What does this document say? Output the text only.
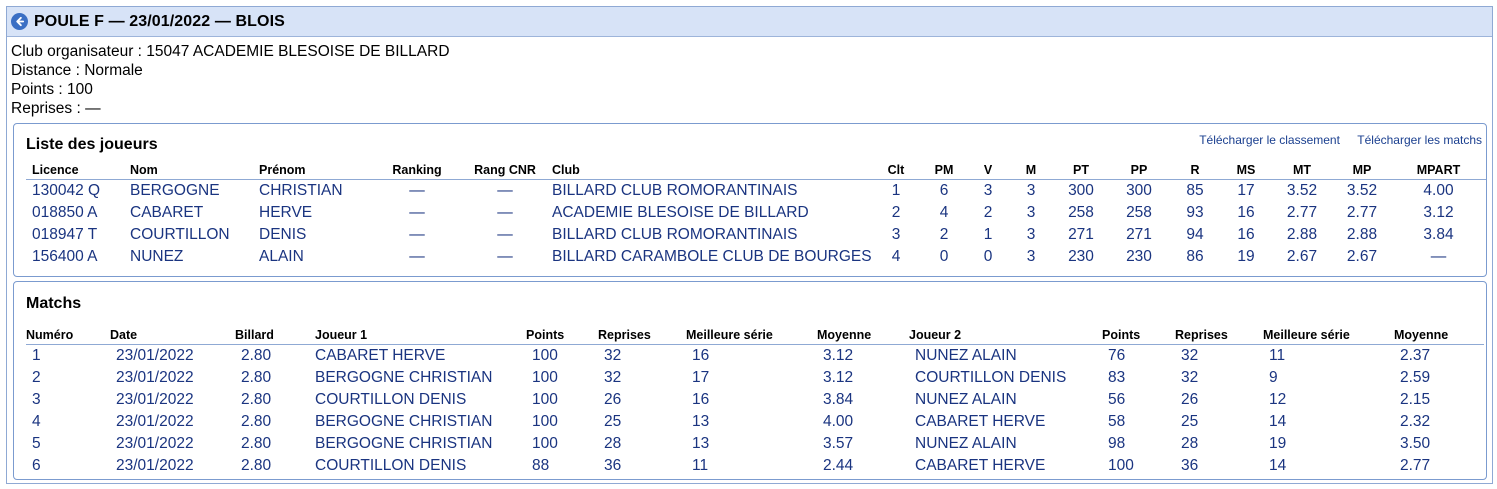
POULE F — 23/01/2022 — BLOIS
Club organisateur : 15047 ACADEMIE BLESOISE DE BILLARD
Distance : Normale
Points : 100
Reprises : —
Liste des joueurs	Télécharger le classement Télécharger les matchs
Licence	Nom	Prénom	Ranking	Rang CNR	Club	Clt	PM	V	M	PT	PP	R	MS	MT	MP	MPART
130042 Q	BERGOGNE	CHRISTIAN	—	—	BILLARD CLUB ROMORANTINAIS	1	6	3	3	300	300	85	17	3.52	3.52	4.00
018850 A	CABARET	HERVE	—	—	ACADEMIE BLESOISE DE BILLARD	2	4	2	3	258	258	93	16	2.77	2.77	3.12
018947 T	COURTILLON	DENIS	—	—	BILLARD CLUB ROMORANTINAIS	3	2	1	3	271	271	94	16	2.88	2.88	3.84
156400 A	NUNEZ	ALAIN	—	—	BILLARD CARAMBOLE CLUB DE BOURGES	4	0	0	3	230	230	86	19	2.67	2.67	—
Matchs
Numéro	Date	Billard	Joueur 1	Points	Reprises	Meilleure série	Moyenne	Joueur 2	Points	Reprises	Meilleure série	Moyenne
1	23/01/2022	2.80	CABARET HERVE	100	32	16	3.12	NUNEZ ALAIN	76	32	11	2.37
2	23/01/2022	2.80	BERGOGNE CHRISTIAN	100	32	17	3.12	COURTILLON DENIS	83	32	9	2.59
3	23/01/2022	2.80	COURTILLON DENIS	100	26	16	3.84	NUNEZ ALAIN	56	26	12	2.15
4	23/01/2022	2.80	BERGOGNE CHRISTIAN	100	25	13	4.00	CABARET HERVE	58	25	14	2.32
5	23/01/2022	2.80	BERGOGNE CHRISTIAN	100	28	13	3.57	NUNEZ ALAIN	98	28	19	3.50
6	23/01/2022	2.80	COURTILLON DENIS	88	36	11	2.44	CABARET HERVE	100	36	14	2.77
